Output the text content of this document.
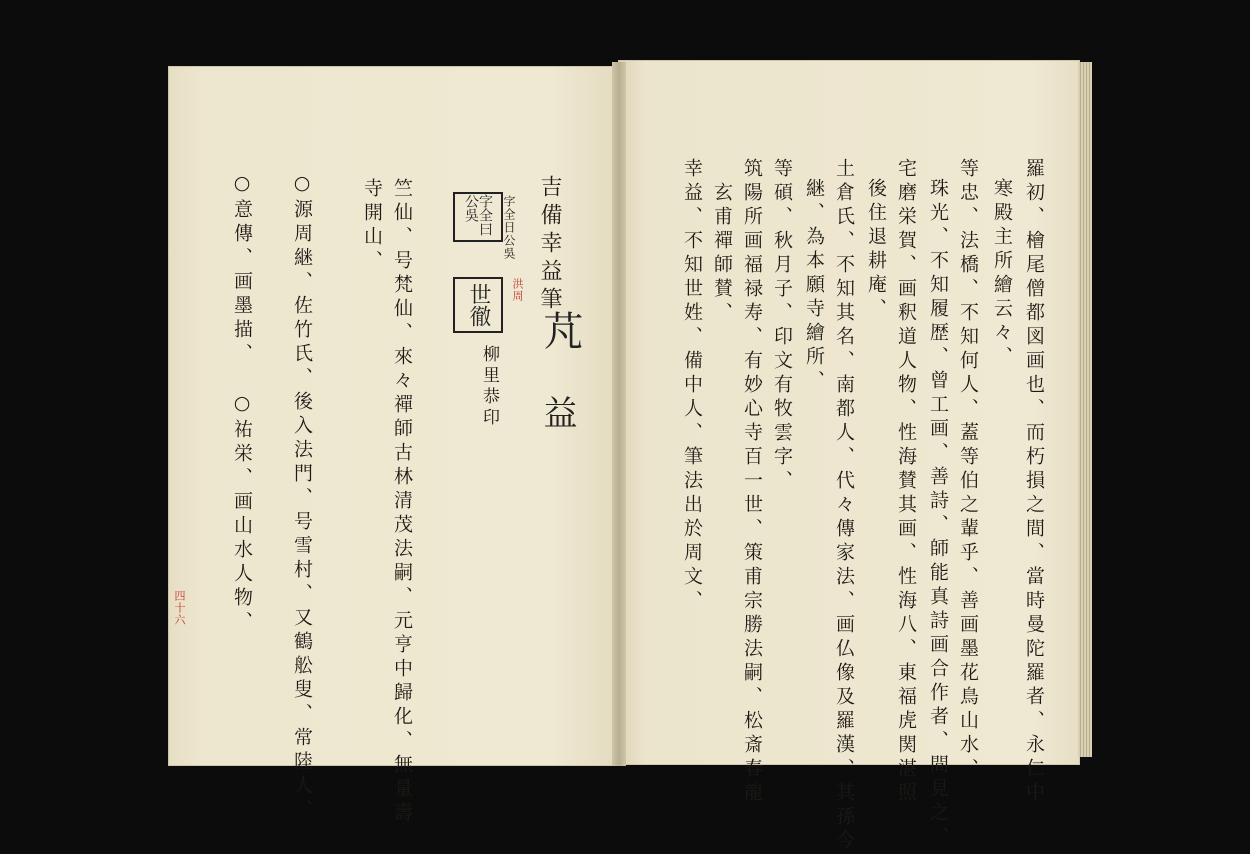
羅初、檜尾僧都図画也、而朽損之間、當時曼陀羅者、永仁中
寒殿主所繪云々、
等忠、法橋、不知何人、蓋等伯之輩乎、善画墨花鳥山水、
珠光、不知履歴、曾工画、善詩、師能真詩画合作者、間見之、
宅磨栄賀、画釈道人物、性海賛其画、性海八、東福虎関湛照
後住退耕庵、
土倉氏、不知其名、南都人、代々傳家法、画仏像及羅漢、其孫今
継、為本願寺繪所、
等碩、秋月子、印文有牧雲字、
筑陽所画福禄寿、有妙心寺百一世、策甫宗勝法嗣、松斎春龍
玄甫禪師賛、
幸益、不知世姓、備中人、筆法出於周文、
吉備幸益筆
字全日公吳
字全曰公吳
世徹	洪周
芃
益
柳里恭印
竺仙、号梵仙、來々禪師古林清茂法嗣、元亨中歸化、無量壽
寺開山、
○源周継、佐竹氏、後入法門、号雪村、又鶴舩叟、常陸人、
○意傳、画墨描、
○祐栄、画山水人物、
四十六
